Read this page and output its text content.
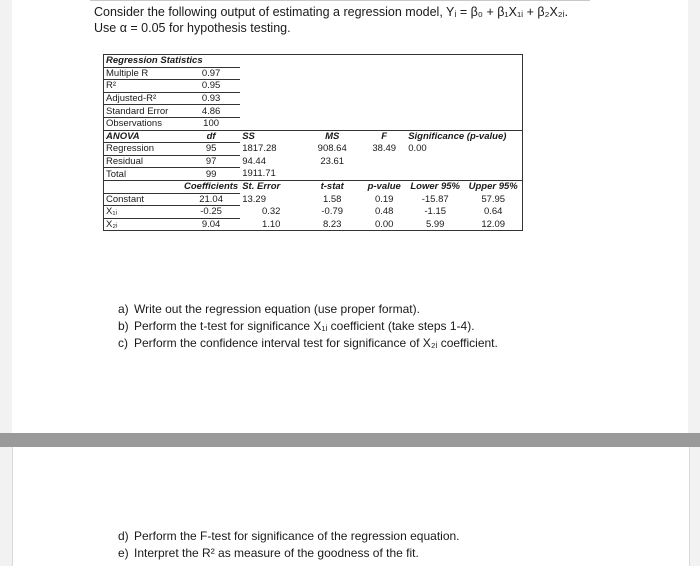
Consider the following output of estimating a regression model, Yᵢ = β₀ + β₁X₁ᵢ + β₂X₂ᵢ.
Use α = 0.05 for hypothesis testing.
Regression Statistics						
Multiple R	0.97					
R²	0.95					
Adjusted-R²	0.93					
Standard Error	4.86					
Observations	100					
ANOVA	df	SS	MS	F	Significance (p-value)	
Regression	95	1817.28	908.64	38.49	0.00	
Residual	97	94.44	23.61			
Total	99	1911.71				
	Coefficients	St. Error	t-stat	p-value	Lower 95%	Upper 95%
Constant	21.04	13.29	1.58	0.19	-15.87	57.95
X₁ᵢ	-0.25	0.32	-0.79	0.48	-1.15	0.64
X₂ᵢ	9.04	1.10	8.23	0.00	5.99	12.09
a) Write out the regression equation (use proper format).
b) Perform the t-test for significance X₁ᵢ coefficient (take steps 1-4).
c) Perform the confidence interval test for significance of X₂ᵢ coefficient.
d) Perform the F-test for significance of the regression equation.
e) Interpret the R² as measure of the goodness of the fit.
